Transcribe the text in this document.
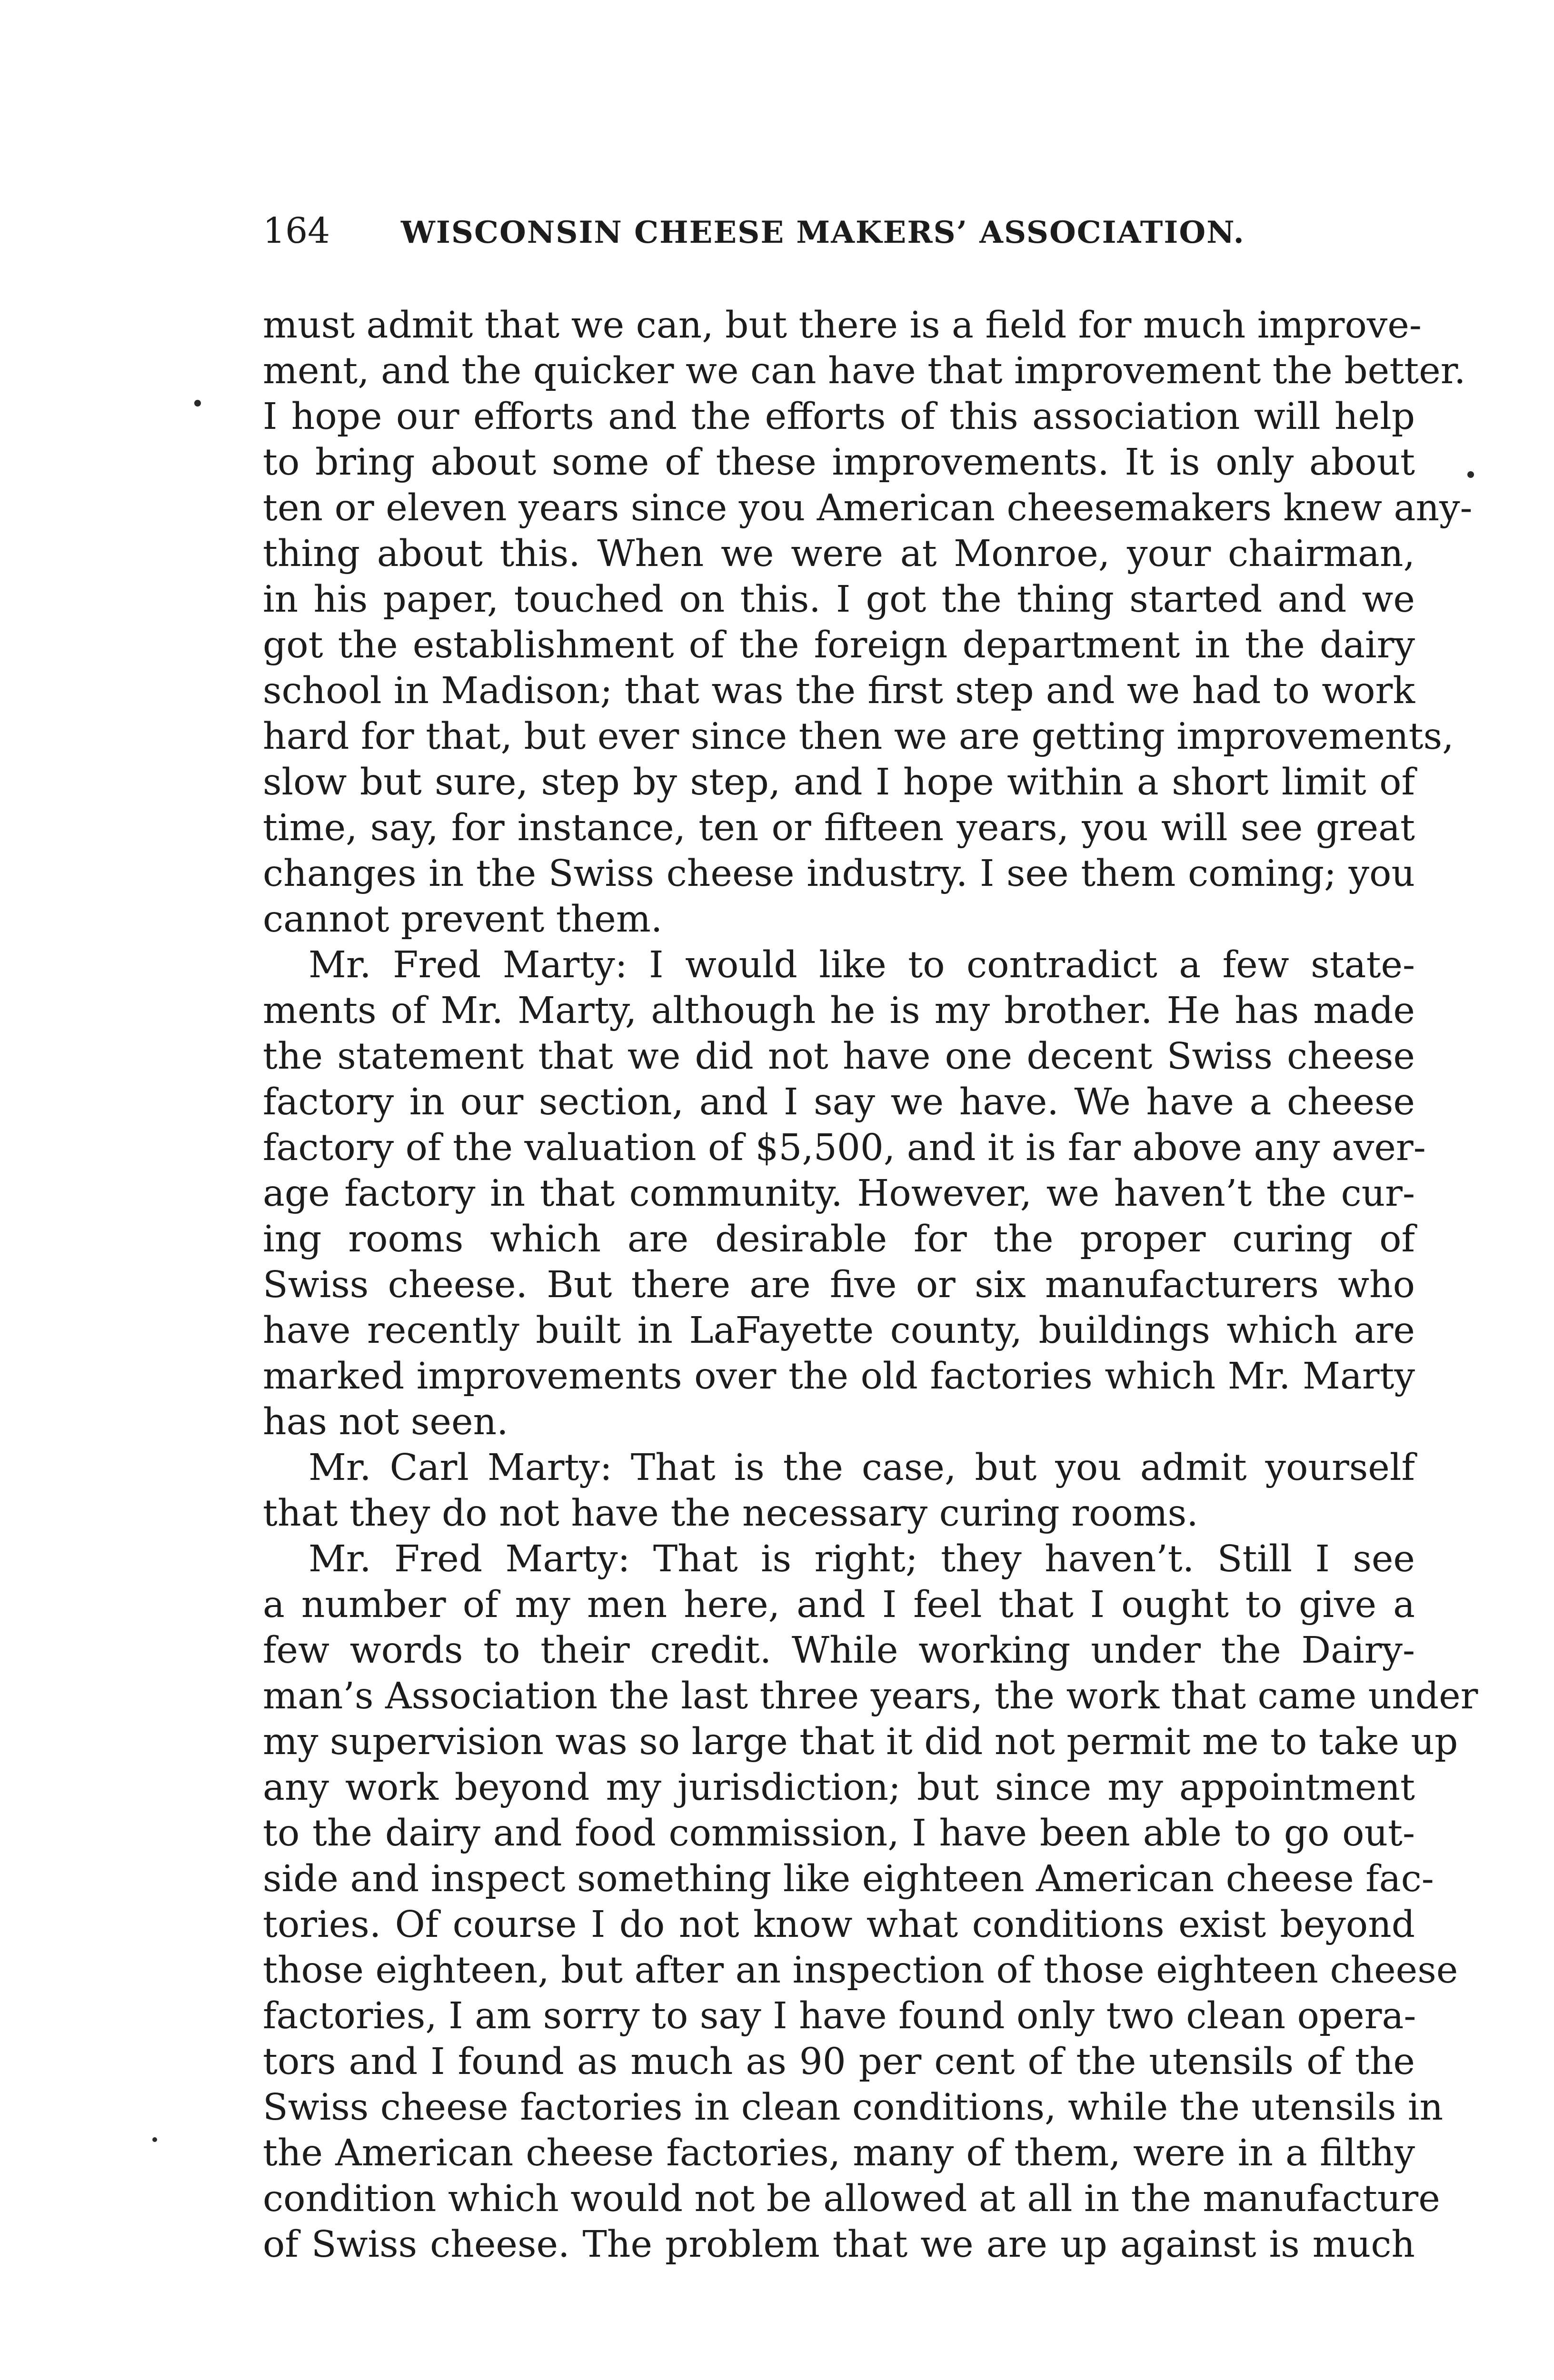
164	WISCONSIN CHEESE MAKERS’ ASSOCIATION.
must admit that we can, but there is a field for much improve-
ment, and the quicker we can have that improvement the better.
I hope our efforts and the efforts of this association will help
to bring about some of these improvements. It is only about
ten or eleven years since you American cheesemakers knew any-
thing about this. When we were at Monroe, your chairman,
in his paper, touched on this. I got the thing started and we
got the establishment of the foreign department in the dairy
school in Madison; that was the first step and we had to work
hard for that, but ever since then we are getting improvements,
slow but sure, step by step, and I hope within a short limit of
time, say, for instance, ten or fifteen years, you will see great
changes in the Swiss cheese industry. I see them coming; you
cannot prevent them.
Mr. Fred Marty: I would like to contradict a few state-
ments of Mr. Marty, although he is my brother. He has made
the statement that we did not have one decent Swiss cheese
factory in our section, and I say we have. We have a cheese
factory of the valuation of $5,500, and it is far above any aver-
age factory in that community. However, we haven’t the cur-
ing rooms which are desirable for the proper curing of
Swiss cheese. But there are five or six manufacturers who
have recently built in LaFayette county, buildings which are
marked improvements over the old factories which Mr. Marty
has not seen.
Mr. Carl Marty: That is the case, but you admit yourself
that they do not have the necessary curing rooms.
Mr. Fred Marty: That is right; they haven’t. Still I see
a number of my men here, and I feel that I ought to give a
few words to their credit. While working under the Dairy-
man’s Association the last three years, the work that came under
my supervision was so large that it did not permit me to take up
any work beyond my jurisdiction; but since my appointment
to the dairy and food commission, I have been able to go out-
side and inspect something like eighteen American cheese fac-
tories. Of course I do not know what conditions exist beyond
those eighteen, but after an inspection of those eighteen cheese
factories, I am sorry to say I have found only two clean opera-
tors and I found as much as 90 per cent of the utensils of the
Swiss cheese factories in clean conditions, while the utensils in
the American cheese factories, many of them, were in a filthy
condition which would not be allowed at all in the manufacture
of Swiss cheese. The problem that we are up against is much
